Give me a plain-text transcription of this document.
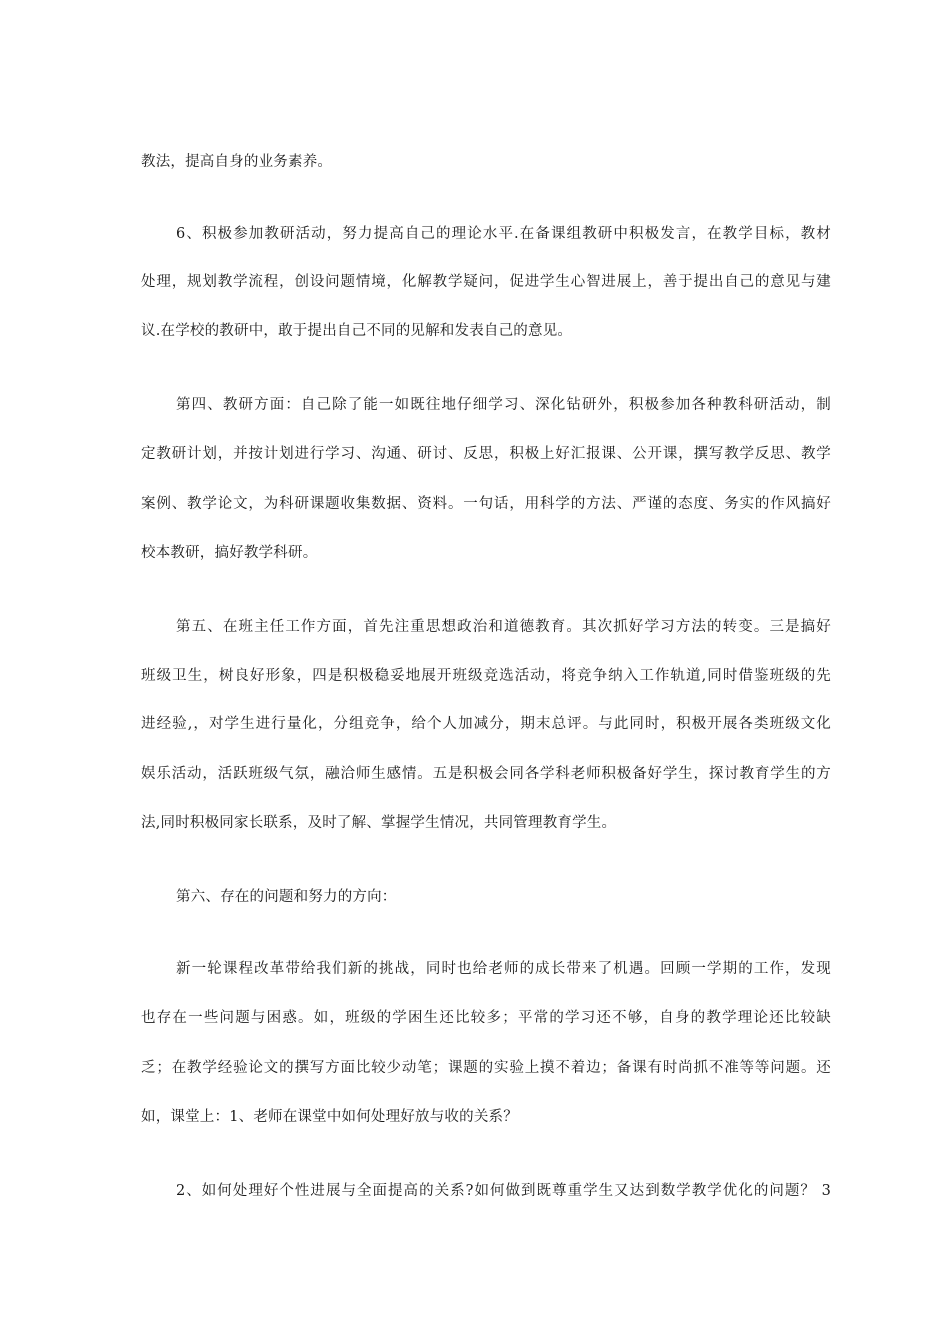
教法，提高自身的业务素养。
6、积极参加教研活动，努力提高自己的理论水平.在备课组教研中积极发言，在教学目标，教材
处理，规划教学流程，创设问题情境，化解教学疑问，促进学生心智进展上，善于提出自己的意见与建
议.在学校的教研中，敢于提出自己不同的见解和发表自己的意见。
第四、教研方面：自己除了能一如既往地仔细学习、深化钻研外，积极参加各种教科研活动，制
定教研计划，并按计划进行学习、沟通、研讨、反思，积极上好汇报课、公开课，撰写教学反思、教学
案例、教学论文，为科研课题收集数据、资料。一句话，用科学的方法、严谨的态度、务实的作风搞好
校本教研，搞好教学科研。
第五、在班主任工作方面，首先注重思想政治和道德教育。其次抓好学习方法的转变。三是搞好
班级卫生，树良好形象，四是积极稳妥地展开班级竞选活动，将竞争纳入工作轨道,同时借鉴班级的先
进经验,，对学生进行量化，分组竞争，给个人加减分，期末总评。与此同时，积极开展各类班级文化
娱乐活动，活跃班级气氛，融洽师生感情。五是积极会同各学科老师积极备好学生，探讨教育学生的方
法,同时积极同家长联系，及时了解、掌握学生情况，共同管理教育学生。
第六、存在的问题和努力的方向：
新一轮课程改革带给我们新的挑战，同时也给老师的成长带来了机遇。回顾一学期的工作，发现
也存在一些问题与困惑。如，班级的学困生还比较多；平常的学习还不够，自身的教学理论还比较缺
乏；在教学经验论文的撰写方面比较少动笔；课题的实验上摸不着边；备课有时尚抓不准等等问题。还
如，课堂上：1、老师在课堂中如何处理好放与收的关系？
2、如何处理好个性进展与全面提高的关系?如何做到既尊重学生又达到数学教学优化的问题？ 3
